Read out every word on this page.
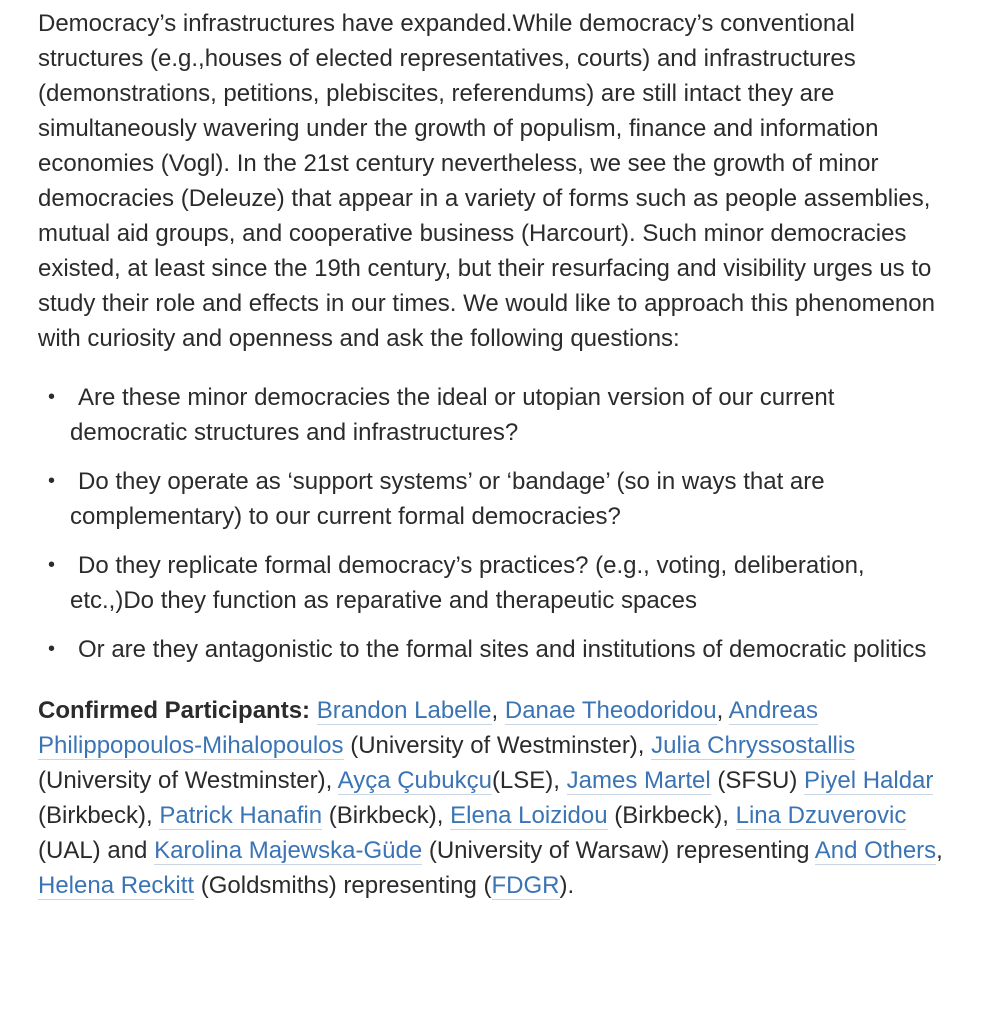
Democracy’s infrastructures have expanded.While democracy’s conventional structures (e.g.,houses of elected representatives, courts) and infrastructures (demonstrations, petitions, plebiscites, referendums) are still intact they are simultaneously wavering under the growth of populism, finance and information economies (Vogl). In the 21st century nevertheless, we see the growth of minor democracies (Deleuze) that appear in a variety of forms such as people assemblies, mutual aid groups, and cooperative business (Harcourt). Such minor democracies existed, at least since the 19th century, but their resurfacing and visibility urges us to study their role and effects in our times. We would like to approach this phenomenon with curiosity and openness and ask the following questions:

• Are these minor democracies the ideal or utopian version of our current democratic structures and infrastructures?
• Do they operate as ‘support systems’ or ‘bandage’ (so in ways that are complementary) to our current formal democracies?
• Do they replicate formal democracy’s practices? (e.g., voting, deliberation, etc.,)Do they function as reparative and therapeutic spaces
• Or are they antagonistic to the formal sites and institutions of democratic politics

Confirmed Participants: Brandon Labelle, Danae Theodoridou, Andreas Philippopoulos-Mihalopoulos (University of Westminster), Julia Chryssostallis (University of Westminster), Ayça Çubukçu(LSE), James Martel (SFSU) Piyel Haldar (Birkbeck), Patrick Hanafin (Birkbeck), Elena Loizidou (Birkbeck), Lina Dzuverovic (UAL) and Karolina Majewska-Güde (University of Warsaw) representing And Others, Helena Reckitt (Goldsmiths) representing (FDGR).
